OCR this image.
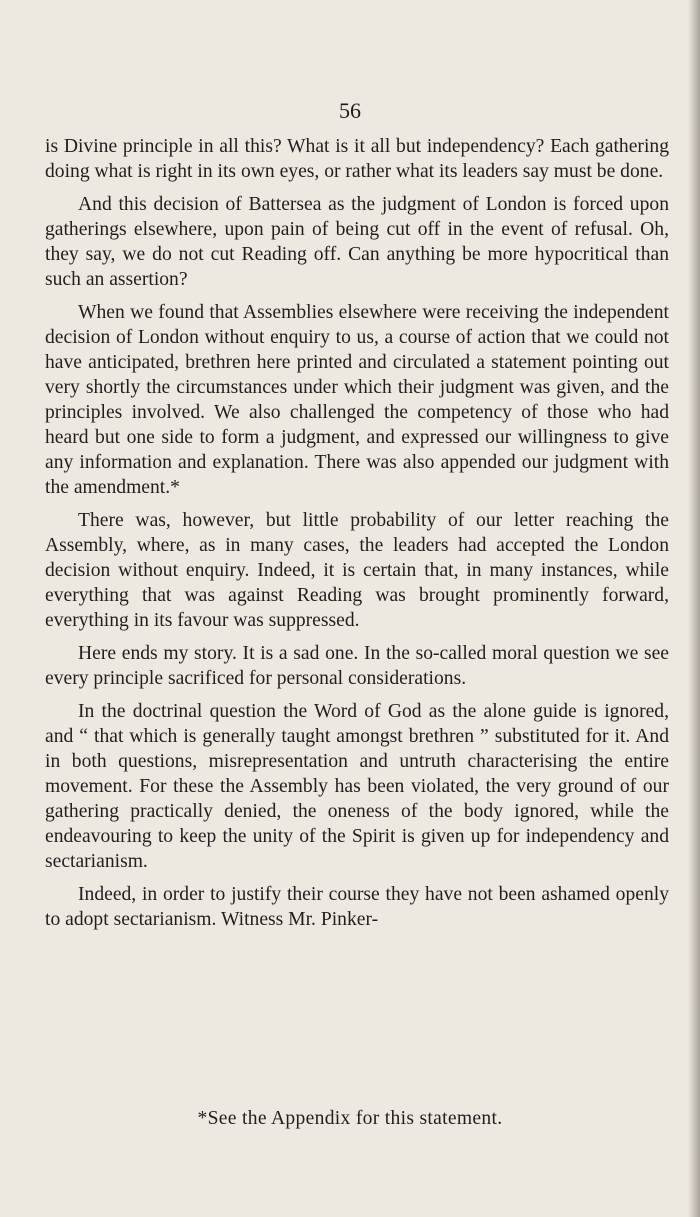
56

is Divine principle in all this? What is it all but independency? Each gathering doing what is right in its own eyes, or rather what its leaders say must be done.

And this decision of Battersea as the judgment of London is forced upon gatherings elsewhere, upon pain of being cut off in the event of refusal. Oh, they say, we do not cut Reading off. Can anything be more hypocritical than such an assertion?

When we found that Assemblies elsewhere were receiving the independent decision of London without enquiry to us, a course of action that we could not have anticipated, brethren here printed and circulated a statement pointing out very shortly the circumstances under which their judgment was given, and the principles involved. We also challenged the competency of those who had heard but one side to form a judgment, and expressed our willingness to give any information and explanation. There was also appended our judgment with the amendment.*

There was, however, but little probability of our letter reaching the Assembly, where, as in many cases, the leaders had accepted the London decision without enquiry. Indeed, it is certain that, in many instances, while everything that was against Reading was brought prominently forward, everything in its favour was suppressed.

Here ends my story. It is a sad one. In the so-called moral question we see every principle sacrificed for personal considerations.

In the doctrinal question the Word of God as the alone guide is ignored, and “ that which is generally taught amongst brethren ” substituted for it. And in both questions, misrepresentation and untruth characterising the entire movement. For these the Assembly has been violated, the very ground of our gathering practically denied, the oneness of the body ignored, while the endeavouring to keep the unity of the Spirit is given up for independency and sectarianism.

Indeed, in order to justify their course they have not been ashamed openly to adopt sectarianism. Witness Mr. Pinker-

*See the Appendix for this statement.
